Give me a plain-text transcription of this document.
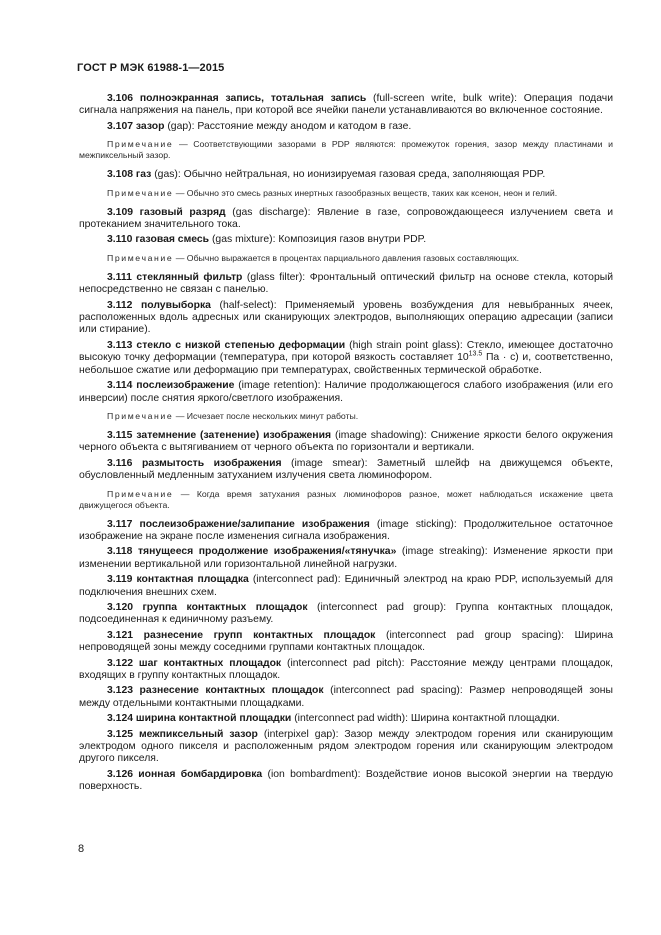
ГОСТ Р МЭК 61988-1—2015

3.106 полноэкранная запись, тотальная запись (full-screen write, bulk write): Операция подачи сигнала напряжения на панель, при которой все ячейки панели устанавливаются во включенное состояние.

3.107 зазор (gap): Расстояние между анодом и катодом в газе.

Примечание — Соответствующими зазорами в PDP являются: промежуток горения, зазор между пластинами и межпиксельный зазор.

3.108 газ (gas): Обычно нейтральная, но ионизируемая газовая среда, заполняющая PDP.

Примечание — Обычно это смесь разных инертных газообразных веществ, таких как ксенон, неон и гелий.

3.109 газовый разряд (gas discharge): Явление в газе, сопровождающееся излучением света и протеканием значительного тока.

3.110 газовая смесь (gas mixture): Композиция газов внутри PDP.

Примечание — Обычно выражается в процентах парциального давления газовых составляющих.

3.111 стеклянный фильтр (glass filter): Фронтальный оптический фильтр на основе стекла, который непосредственно не связан с панелью.

3.112 полувыборка (half-select): Применяемый уровень возбуждения для невыбранных ячеек, расположенных вдоль адресных или сканирующих электродов, выполняющих операцию адресации (записи или стирание).

3.113 стекло с низкой степенью деформации (high strain point glass): Стекло, имеющее достаточно высокую точку деформации (температура, при которой вязкость составляет $10^{13.5}$ Па · с) и, соответственно, небольшое сжатие или деформацию при температурах, свойственных термической обработке.

3.114 послеизображение (image retention): Наличие продолжающегося слабого изображения (или его инверсии) после снятия яркого/светлого изображения.

Примечание — Исчезает после нескольких минут работы.

3.115 затемнение (затенение) изображения (image shadowing): Снижение яркости белого окружения черного объекта с вытягиванием от черного объекта по горизонтали и вертикали.

3.116 размытость изображения (image smear): Заметный шлейф на движущемся объекте, обусловленный медленным затуханием излучения света люминофором.

Примечание — Когда время затухания разных люминофоров разное, может наблюдаться искажение цвета движущегося объекта.

3.117 послеизображение/залипание изображения (image sticking): Продолжительное остаточное изображение на экране после изменения сигнала изображения.

3.118 тянущееся продолжение изображения/«тянучка» (image streaking): Изменение яркости при изменении вертикальной или горизонтальной линейной нагрузки.

3.119 контактная площадка (interconnect pad): Единичный электрод на краю PDP, используемый для подключения внешних схем.

3.120 группа контактных площадок (interconnect pad group): Группа контактных площадок, подсоединенная к единичному разъему.

3.121 разнесение групп контактных площадок (interconnect pad group spacing): Ширина непроводящей зоны между соседними группами контактных площадок.

3.122 шаг контактных площадок (interconnect pad pitch): Расстояние между центрами площадок, входящих в группу контактных площадок.

3.123 разнесение контактных площадок (interconnect pad spacing): Размер непроводящей зоны между отдельными контактными площадками.

3.124 ширина контактной площадки (interconnect pad width): Ширина контактной площадки.

3.125 межпиксельный зазор (interpixel gap): Зазор между электродом горения или сканирующим электродом одного пикселя и расположенным рядом электродом горения или сканирующим электродом другого пикселя.

3.126 ионная бомбардировка (ion bombardment): Воздействие ионов высокой энергии на твердую поверхность.

8
